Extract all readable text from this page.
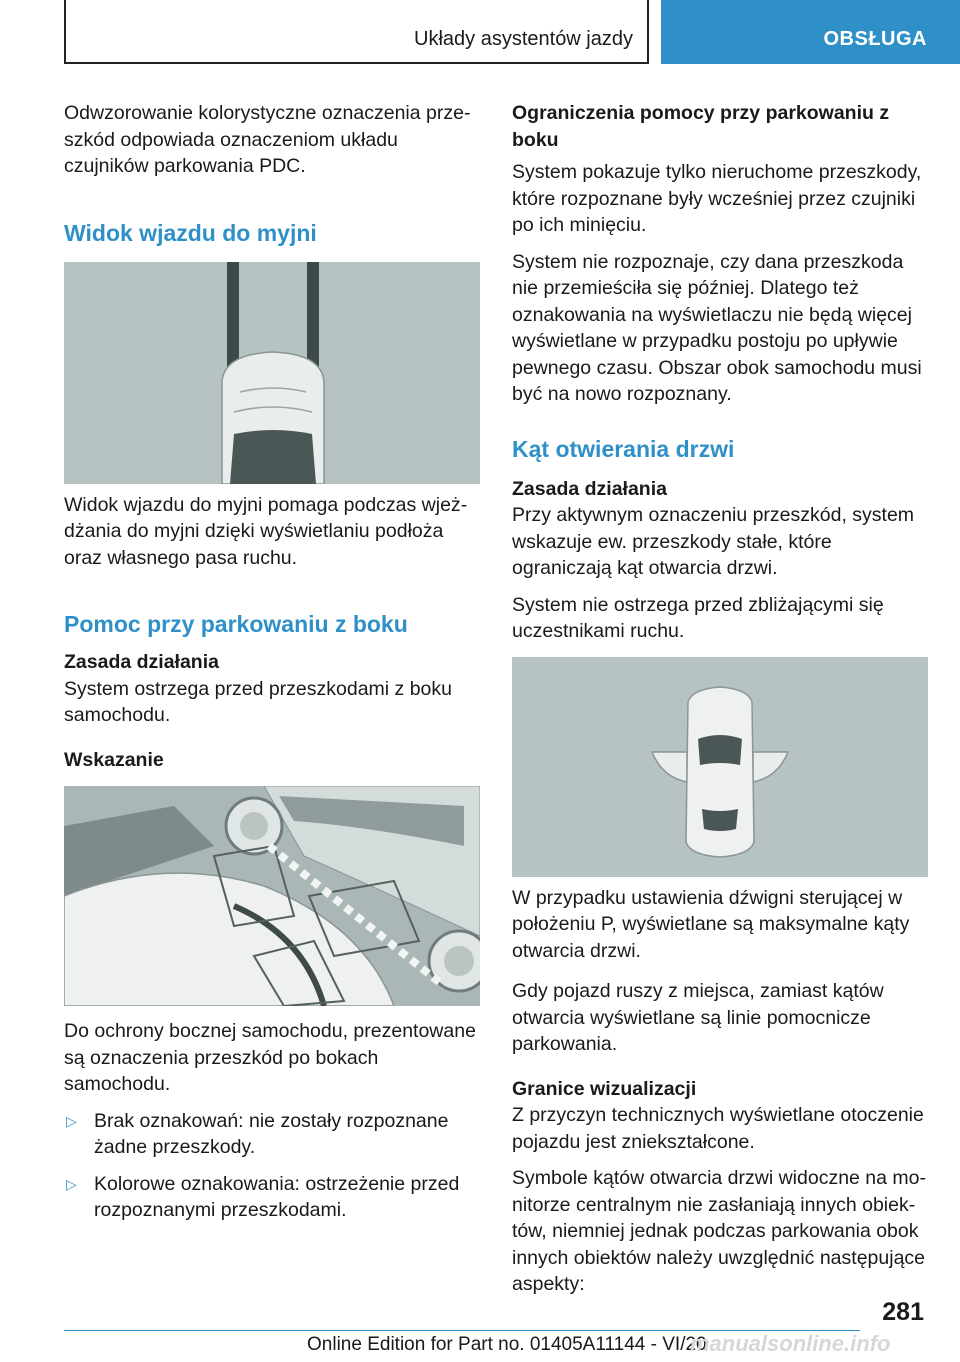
Układy asystentów jazdy	OBSŁUGA

Odwzorowanie kolorystyczne oznaczenia przeszkód odpowiada oznaczeniom układu czujników parkowania PDC.

Widok wjazdu do myjni

Widok wjazdu do myjni pomaga podczas wjeżdżania do myjni dzięki wyświetlaniu podłoża oraz własnego pasa ruchu.

Pomoc przy parkowaniu z boku
Zasada działania

System ostrzega przed przeszkodami z boku samochodu.

Wskazanie

Do ochrony bocznej samochodu, prezentowane są oznaczenia przeszkód po bokach samochodu.

▷ Brak oznakowań: nie zostały rozpoznane żadne przeszkody.
▷ Kolorowe oznakowania: ostrzeżenie przed rozpoznanymi przeszkodami.
Ograniczenia pomocy przy parkowaniu z boku

System pokazuje tylko nieruchome przeszkody, które rozpoznane były wcześniej przez czujniki po ich minięciu.

System nie rozpoznaje, czy dana przeszkoda nie przemieściła się później. Dlatego też oznakowania na wyświetlaczu nie będą więcej wyświetlane w przypadku postoju po upływie pewnego czasu. Obszar obok samochodu musi być na nowo rozpoznany.

Kąt otwierania drzwi
Zasada działania

Przy aktywnym oznaczeniu przeszkód, system wskazuje ew. przeszkody stałe, które ograniczają kąt otwarcia drzwi.

System nie ostrzega przed zbliżającymi się uczestnikami ruchu.

W przypadku ustawienia dźwigni sterującej w położeniu P, wyświetlane są maksymalne kąty otwarcia drzwi.

Gdy pojazd ruszy z miejsca, zamiast kątów otwarcia wyświetlane są linie pomocnicze parkowania.

Granice wizualizacji

Z przyczyn technicznych wyświetlane otoczenie pojazdu jest zniekształcone.

Symbole kątów otwarcia drzwi widoczne na monitorze centralnym nie zasłaniają innych obiektów, niemniej jednak podczas parkowania obok innych obiektów należy uwzględnić następujące aspekty:

281
Online Edition for Part no. 01405A11144 - VI/20
manualsonline.info
